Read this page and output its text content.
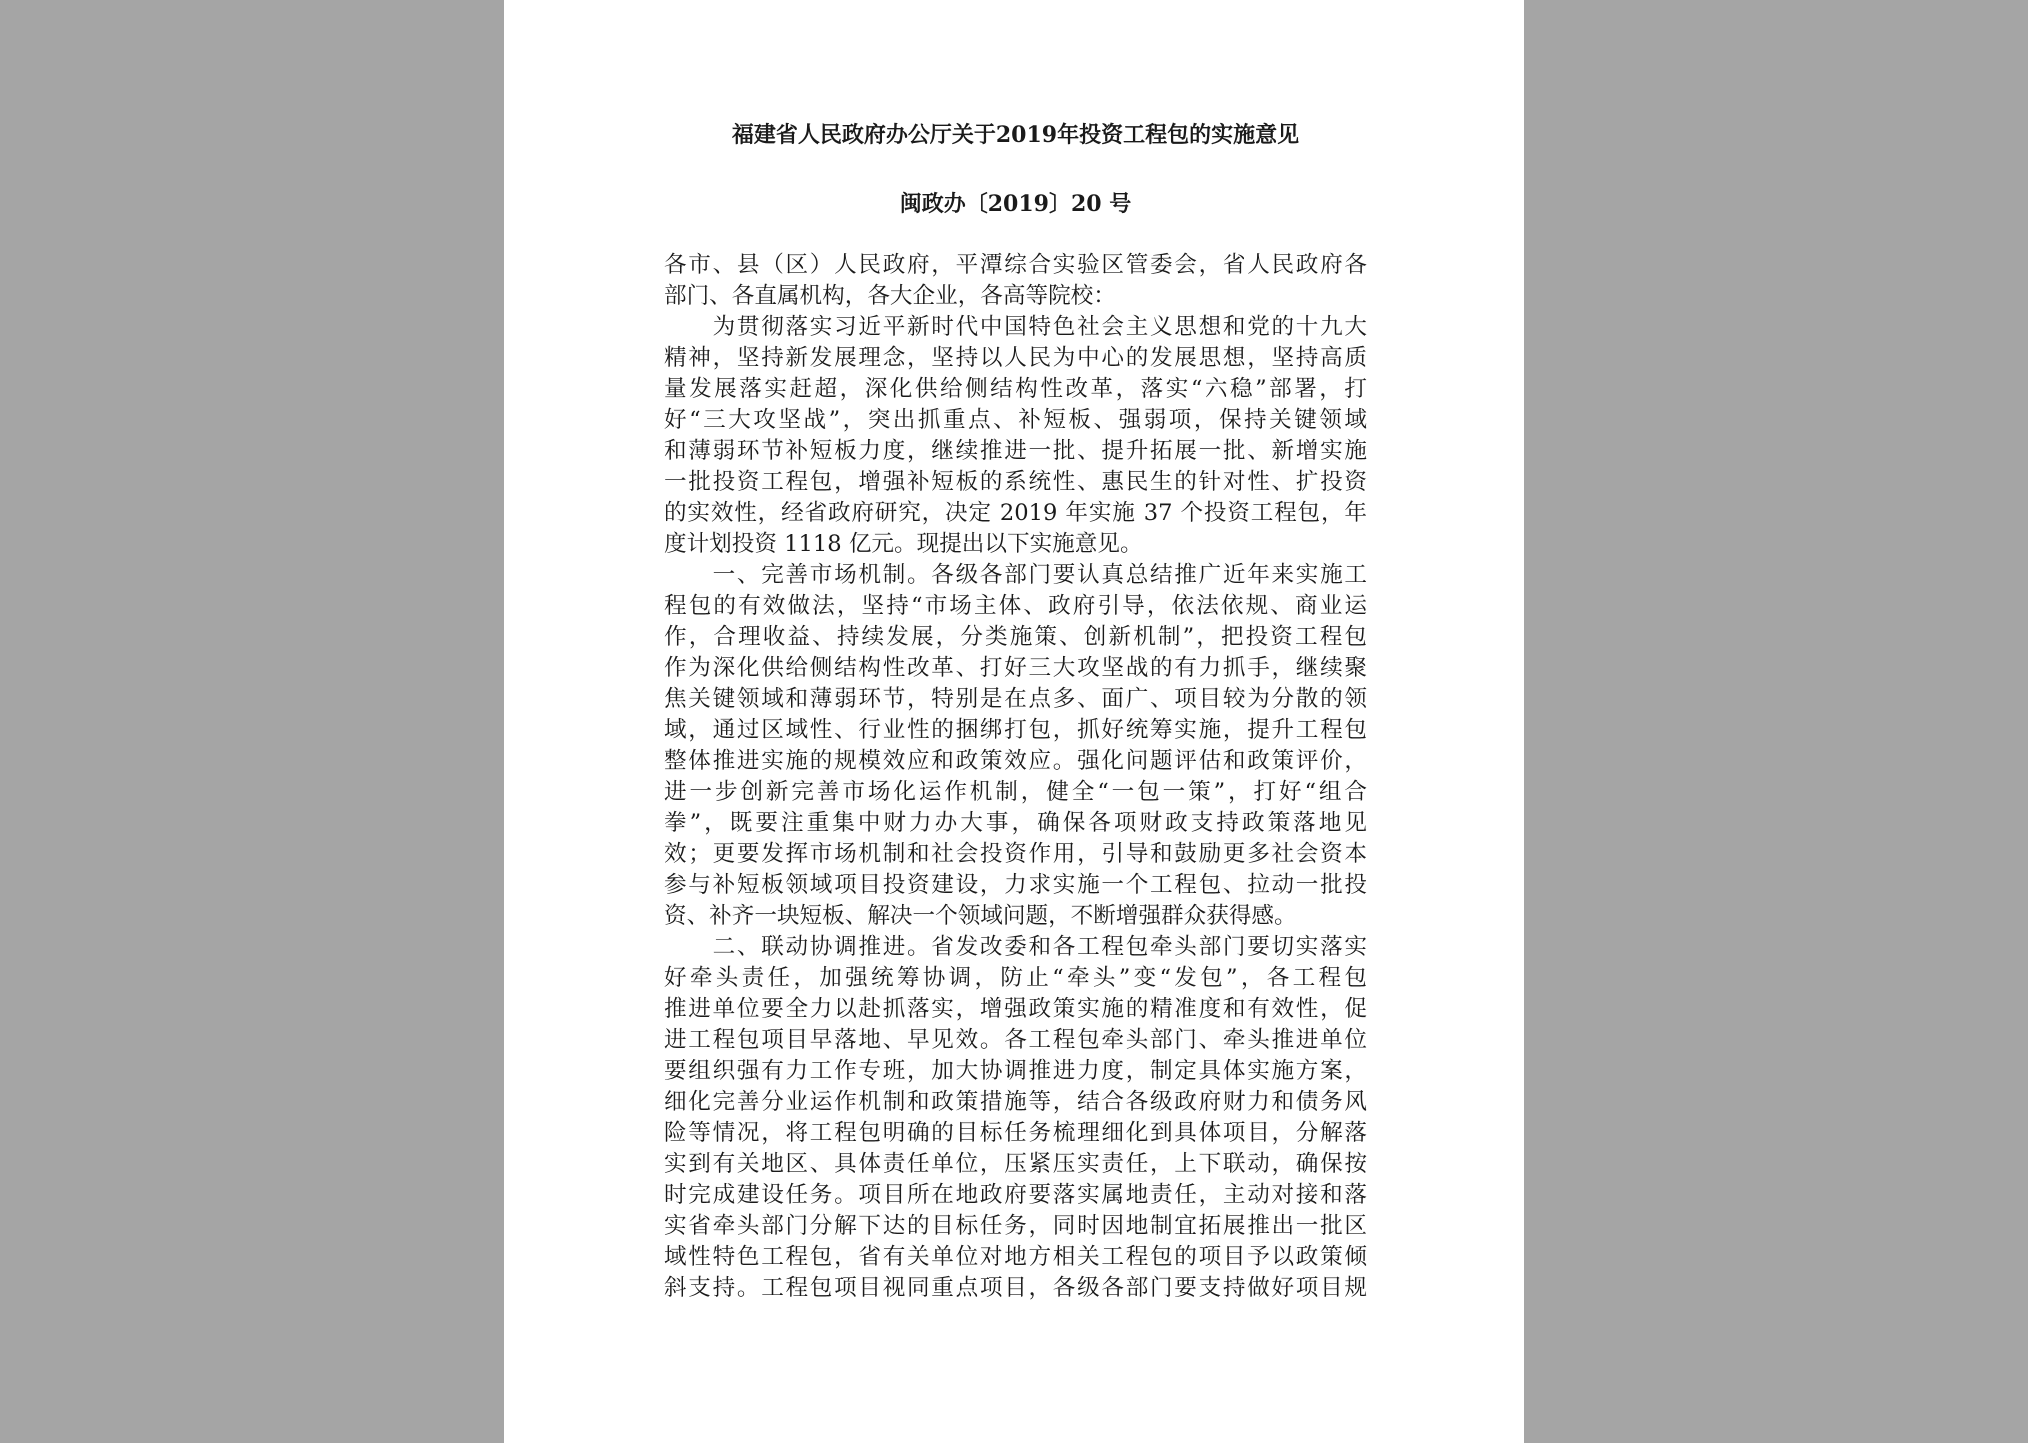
福建省人民政府办公厅关于2019年投资工程包的实施意见
闽政办〔2019〕20 号
各市、县（区）人民政府，平潭综合实验区管委会，省人民政府各
部门、各直属机构，各大企业，各高等院校：
　　为贯彻落实习近平新时代中国特色社会主义思想和党的十九大
精神，坚持新发展理念，坚持以人民为中心的发展思想，坚持高质
量发展落实赶超，深化供给侧结构性改革，落实“六稳”部署，打
好“三大攻坚战”，突出抓重点、补短板、强弱项，保持关键领域
和薄弱环节补短板力度，继续推进一批、提升拓展一批、新增实施
一批投资工程包，增强补短板的系统性、惠民生的针对性、扩投资
的实效性，经省政府研究，决定 2019 年实施 37 个投资工程包，年
度计划投资 1118 亿元。现提出以下实施意见。
　　一、完善市场机制。各级各部门要认真总结推广近年来实施工
程包的有效做法，坚持“市场主体、政府引导，依法依规、商业运
作，合理收益、持续发展，分类施策、创新机制”，把投资工程包
作为深化供给侧结构性改革、打好三大攻坚战的有力抓手，继续聚
焦关键领域和薄弱环节，特别是在点多、面广、项目较为分散的领
域，通过区域性、行业性的捆绑打包，抓好统筹实施，提升工程包
整体推进实施的规模效应和政策效应。强化问题评估和政策评价，
进一步创新完善市场化运作机制，健全“一包一策”，打好“组合
拳”，既要注重集中财力办大事，确保各项财政支持政策落地见
效；更要发挥市场机制和社会投资作用，引导和鼓励更多社会资本
参与补短板领域项目投资建设，力求实施一个工程包、拉动一批投
资、补齐一块短板、解决一个领域问题，不断增强群众获得感。
　　二、联动协调推进。省发改委和各工程包牵头部门要切实落实
好牵头责任，加强统筹协调，防止“牵头”变“发包”，各工程包
推进单位要全力以赴抓落实，增强政策实施的精准度和有效性，促
进工程包项目早落地、早见效。各工程包牵头部门、牵头推进单位
要组织强有力工作专班，加大协调推进力度，制定具体实施方案，
细化完善分业运作机制和政策措施等，结合各级政府财力和债务风
险等情况，将工程包明确的目标任务梳理细化到具体项目，分解落
实到有关地区、具体责任单位，压紧压实责任，上下联动，确保按
时完成建设任务。项目所在地政府要落实属地责任，主动对接和落
实省牵头部门分解下达的目标任务，同时因地制宜拓展推出一批区
域性特色工程包，省有关单位对地方相关工程包的项目予以政策倾
斜支持。工程包项目视同重点项目，各级各部门要支持做好项目规
